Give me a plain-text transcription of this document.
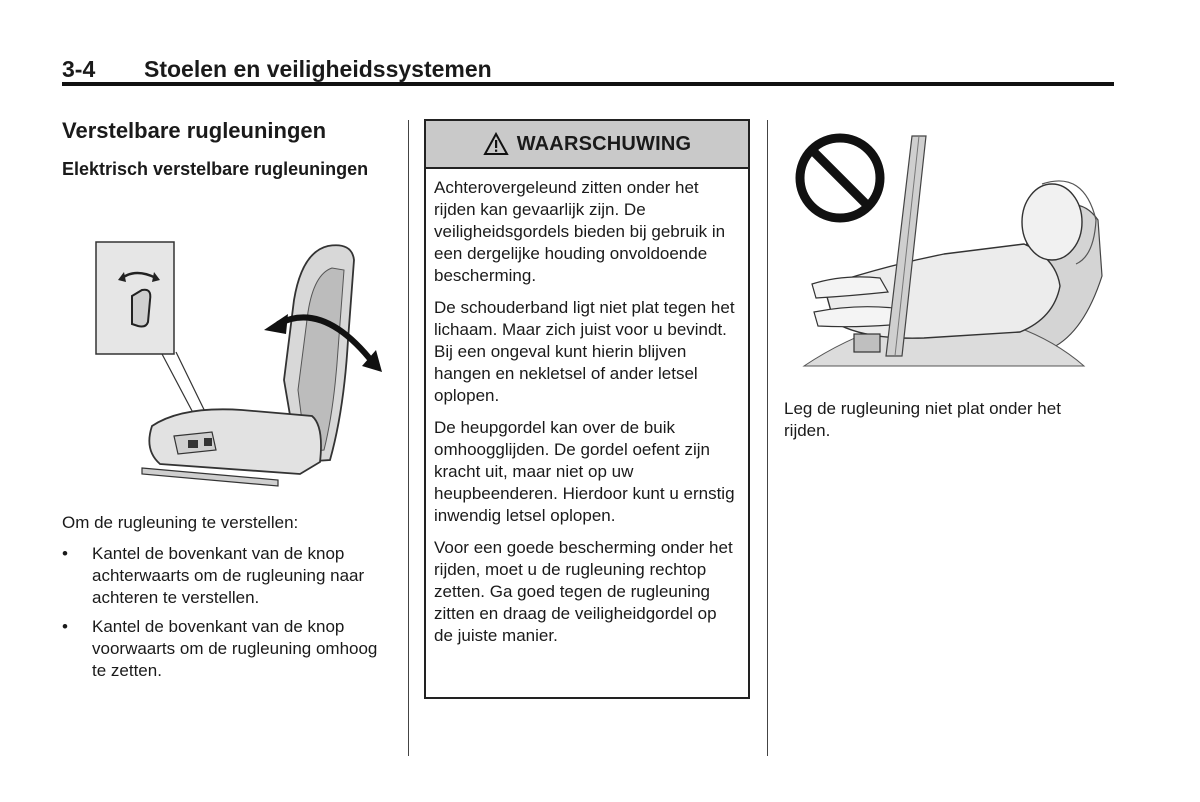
3-4 Stoelen en veiligheidssystemen
Verstelbare rugleuningen
Elektrisch verstelbare rugleuningen

Om de rugleuning te verstellen:

• Kantel de bovenkant van de knop achterwaarts om de rugleuning naar achteren te verstellen.
• Kantel de bovenkant van de knop voorwaarts om de rugleuning omhoog te zetten.
WAARSCHUWING

Achterovergeleund zitten onder het rijden kan gevaarlijk zijn. De veiligheidsgordels bieden bij gebruik in een dergelijke houding onvoldoende bescherming.

De schouderband ligt niet plat tegen het lichaam. Maar zich juist voor u bevindt. Bij een ongeval kunt hierin blijven hangen en nekletsel of ander letsel oplopen.

De heupgordel kan over de buik omhoogglijden. De gordel oefent zijn kracht uit, maar niet op uw heupbeenderen. Hierdoor kunt u ernstig inwendig letsel oplopen.

Voor een goede bescherming onder het rijden, moet u de rugleuning rechtop zetten. Ga goed tegen de rugleuning zitten en draag de veiligheidgordel op de juiste manier.

Leg de rugleuning niet plat onder het rijden.
